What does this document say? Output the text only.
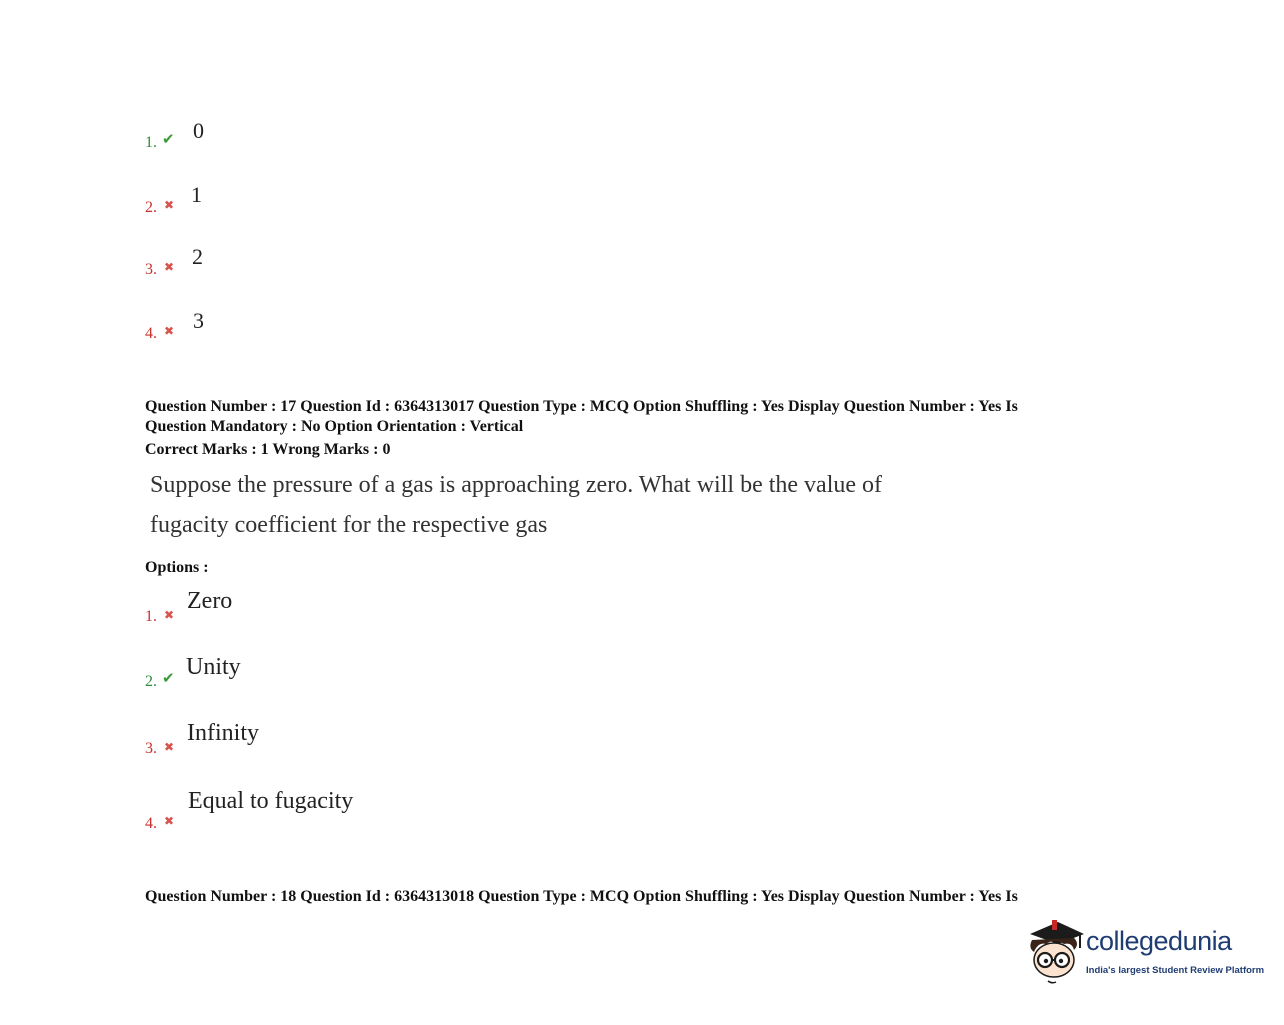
1. ✔ 0
2. ✖ 1
3. ✖ 2
4. ✖ 3
Question Number : 17 Question Id : 6364313017 Question Type : MCQ Option Shuffling : Yes Display Question Number : Yes Is
Question Mandatory : No Option Orientation : Vertical
Correct Marks : 1 Wrong Marks : 0
Suppose the pressure of a gas is approaching zero. What will be the value of
fugacity coefficient for the respective gas
Options :
1. ✖
Zero
2. ✔ Unity
3. ✖
Infinity
4. ✖
Equal to fugacity
Question Number : 18 Question Id : 6364313018 Question Type : MCQ Option Shuffling : Yes Display Question Number : Yes Is
collegedunia
India's largest Student Review Platform
